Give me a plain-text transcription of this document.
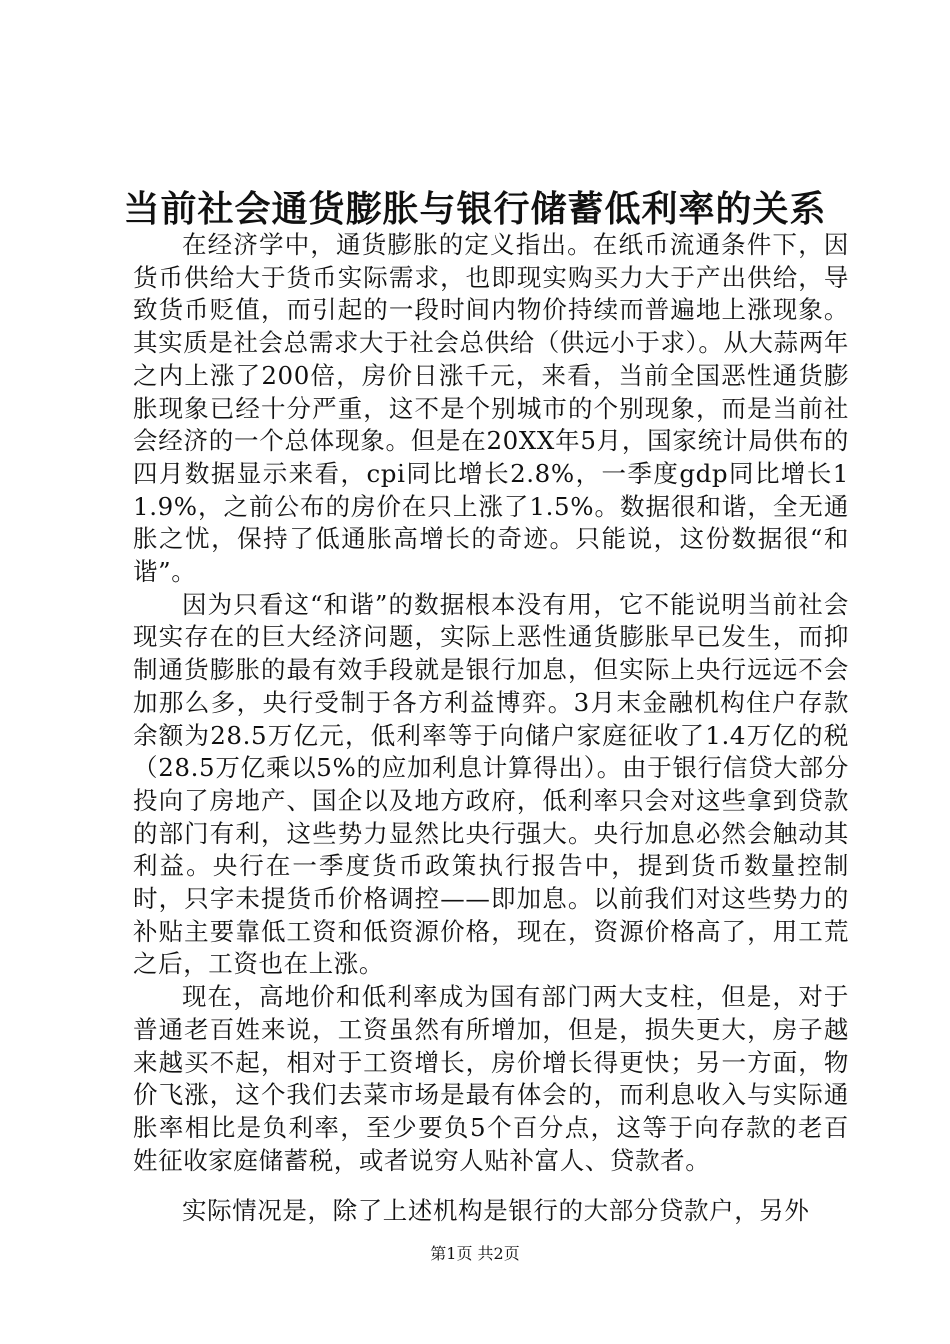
当前社会通货膨胀与银行储蓄低利率的关系

在经济学中，通货膨胀的定义指出。在纸币流通条件下，因货币供给大于货币实际需求，也即现实购买力大于产出供给，导致货币贬值，而引起的一段时间内物价持续而普遍地上涨现象。其实质是社会总需求大于社会总供给（供远小于求）。从大蒜两年之内上涨了200倍，房价日涨千元，来看，当前全国恶性通货膨胀现象已经十分严重，这不是个别城市的个别现象，而是当前社会经济的一个总体现象。但是在20XX年5月，国家统计局供布的四月数据显示来看，cpi同比增长2.8%，一季度gdp同比增长11.9%，之前公布的房价在只上涨了1.5%。数据很和谐，全无通胀之忧，保持了低通胀高增长的奇迹。只能说，这份数据很“和谐”。

因为只看这“和谐”的数据根本没有用，它不能说明当前社会现实存在的巨大经济问题，实际上恶性通货膨胀早已发生，而抑制通货膨胀的最有效手段就是银行加息，但实际上央行远远不会加那么多，央行受制于各方利益博弈。3月末金融机构住户存款余额为28.5万亿元，低利率等于向储户家庭征收了1.4万亿的税（28.5万亿乘以5%的应加利息计算得出）。由于银行信贷大部分投向了房地产、国企以及地方政府，低利率只会对这些拿到贷款的部门有利，这些势力显然比央行强大。央行加息必然会触动其利益。央行在一季度货币政策执行报告中，提到货币数量控制时，只字未提货币价格调控——即加息。以前我们对这些势力的补贴主要靠低工资和低资源价格，现在，资源价格高了，用工荒之后，工资也在上涨。

现在，高地价和低利率成为国有部门两大支柱，但是，对于普通老百姓来说，工资虽然有所增加，但是，损失更大，房子越来越买不起，相对于工资增长，房价增长得更快；另一方面，物价飞涨，这个我们去菜市场是最有体会的，而利息收入与实际通胀率相比是负利率，至少要负5个百分点，这等于向存款的老百姓征收家庭储蓄税，或者说穷人贴补富人、贷款者。

实际情况是，除了上述机构是银行的大部分贷款户，另外

第1页 共2页
